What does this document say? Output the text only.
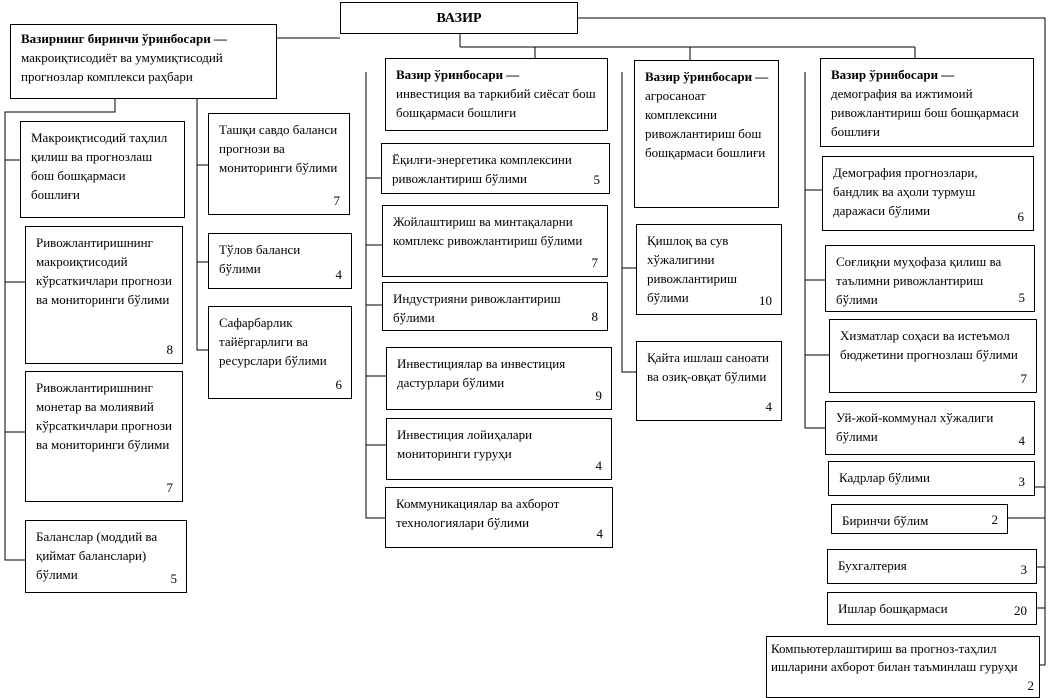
ВАЗИР
Вазирнинг биринчи ўринбосари —
макроиқтисодиёт ва умумиқтисодий прогнозлар комплекси раҳбари
Макроиқтисодий таҳлил қилиш ва прогнозлаш бош бошқармаси бошлиғи
Ривожлантиришнинг макроиқтисодий кўрсаткичлари прогнози ва мониторинги бўлими
8
Ривожлантиришнинг монетар ва молиявий кўрсаткичлари прогнози ва мониторинги бўлими
7
Баланслар (моддий ва қиймат баланслари) бўлими	5
Ташқи савдо баланси прогнози ва мониторинги бўлими
7
Тўлов баланси бўлими	4
Сафарбарлик тайёргарлиги ва ресурслари бўлими
6
Вазир ўринбосари —
инвестиция ва таркибий сиёсат бош бошқармаси бошлиғи
Ёқилғи-энергетика комплексини ривожлантириш бўлими	5
Жойлаштириш ва минтақаларни комплекс ривожлантириш бўлими
7
Индустрияни ривожлантириш бўлими	8
Инвестициялар ва инвестиция дастурлари бўлими
9
Инвестиция лойиҳалари мониторинги гуруҳи
4
Коммуникациялар ва ахборот технологиялари бўлими
4
Вазир ўринбосари —
агросаноат комплексини ривожлантириш бош бошқармаси бошлиғи
Қишлоқ ва сув хўжалигини ривожлантириш бўлими	10
Қайта ишлаш саноати ва озиқ-овқат бўлими
4
Вазир ўринбосари —
демография ва ижтимоий ривожлантириш бош бошқармаси бошлиғи
Демография прогнозлари, бандлик ва аҳоли турмуш даражаси бўлими	6
Соғлиқни муҳофаза қилиш ва таълимни ривожлантириш бўлими	5
Хизматлар соҳаси ва истеъмол бюджетини прогнозлаш бўлими
7
Уй-жой-коммунал хўжалиги бўлими	4
Кадрлар бўлими	3
Биринчи бўлим	2
Бухгалтерия	3
Ишлар бошқармаси	20
Компьютерлаштириш ва прогноз-таҳлил ишларини ахборот билан таъминлаш гуруҳи
2
